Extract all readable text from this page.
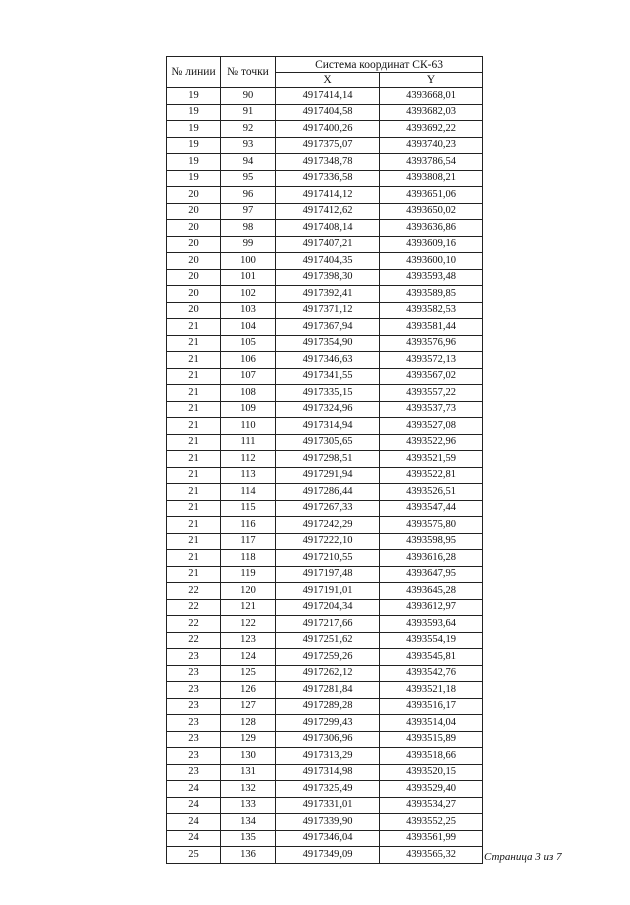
№ линии	№ точки	Система координат СК-63	
		X	Y
19	90	4917414,14	4393668,01
19	91	4917404,58	4393682,03
19	92	4917400,26	4393692,22
19	93	4917375,07	4393740,23
19	94	4917348,78	4393786,54
19	95	4917336,58	4393808,21
20	96	4917414,12	4393651,06
20	97	4917412,62	4393650,02
20	98	4917408,14	4393636,86
20	99	4917407,21	4393609,16
20	100	4917404,35	4393600,10
20	101	4917398,30	4393593,48
20	102	4917392,41	4393589,85
20	103	4917371,12	4393582,53
21	104	4917367,94	4393581,44
21	105	4917354,90	4393576,96
21	106	4917346,63	4393572,13
21	107	4917341,55	4393567,02
21	108	4917335,15	4393557,22
21	109	4917324,96	4393537,73
21	110	4917314,94	4393527,08
21	111	4917305,65	4393522,96
21	112	4917298,51	4393521,59
21	113	4917291,94	4393522,81
21	114	4917286,44	4393526,51
21	115	4917267,33	4393547,44
21	116	4917242,29	4393575,80
21	117	4917222,10	4393598,95
21	118	4917210,55	4393616,28
21	119	4917197,48	4393647,95
22	120	4917191,01	4393645,28
22	121	4917204,34	4393612,97
22	122	4917217,66	4393593,64
22	123	4917251,62	4393554,19
23	124	4917259,26	4393545,81
23	125	4917262,12	4393542,76
23	126	4917281,84	4393521,18
23	127	4917289,28	4393516,17
23	128	4917299,43	4393514,04
23	129	4917306,96	4393515,89
23	130	4917313,29	4393518,66
23	131	4917314,98	4393520,15
24	132	4917325,49	4393529,40
24	133	4917331,01	4393534,27
24	134	4917339,90	4393552,25
24	135	4917346,04	4393561,99
25	136	4917349,09	4393565,32	Страница 3 из 7
